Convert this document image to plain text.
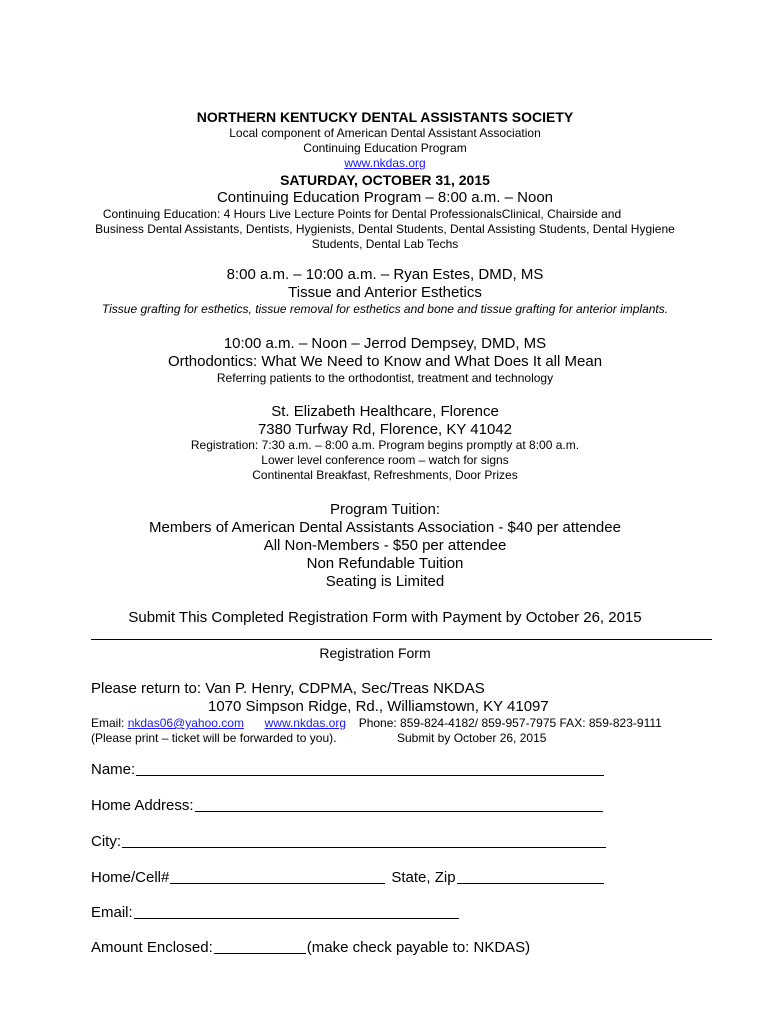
NORTHERN KENTUCKY DENTAL ASSISTANTS SOCIETY
Local component of American Dental Assistant Association
Continuing Education Program
www.nkdas.org
SATURDAY, OCTOBER 31, 2015
Continuing Education Program – 8:00 a.m. – Noon
Continuing Education: 4 Hours Live Lecture Points for Dental ProfessionalsClinical, Chairside and
Business Dental Assistants, Dentists, Hygienists, Dental Students, Dental Assisting Students, Dental Hygiene
Students, Dental Lab Techs
8:00 a.m. – 10:00 a.m. – Ryan Estes, DMD, MS
Tissue and Anterior Esthetics
Tissue grafting for esthetics, tissue removal for esthetics and bone and tissue grafting for anterior implants.
10:00 a.m. – Noon – Jerrod Dempsey, DMD, MS
Orthodontics: What We Need to Know and What Does It all Mean
Referring patients to the orthodontist, treatment and technology
St. Elizabeth Healthcare, Florence
7380 Turfway Rd, Florence, KY 41042
Registration: 7:30 a.m. – 8:00 a.m. Program begins promptly at 8:00 a.m.
Lower level conference room – watch for signs
Continental Breakfast, Refreshments, Door Prizes
Program Tuition:
Members of American Dental Assistants Association - $40 per attendee
All Non-Members - $50 per attendee
Non Refundable Tuition
Seating is Limited
Submit This Completed Registration Form with Payment by October 26, 2015
Registration Form
Please return to: Van P. Henry, CDPMA, Sec/Treas NKDAS
1070 Simpson Ridge, Rd., Williamstown, KY 41097
Email: nkdas06@yahoo.com www.nkdas.org Phone: 859-824-4182/ 859-957-7975 FAX: 859-823-9111
(Please print – ticket will be forwarded to you).	Submit by October 26, 2015
Name:
Home Address:
City:
Home/Cell#	State, Zip
Email:
Amount Enclosed:	(make check payable to: NKDAS)
